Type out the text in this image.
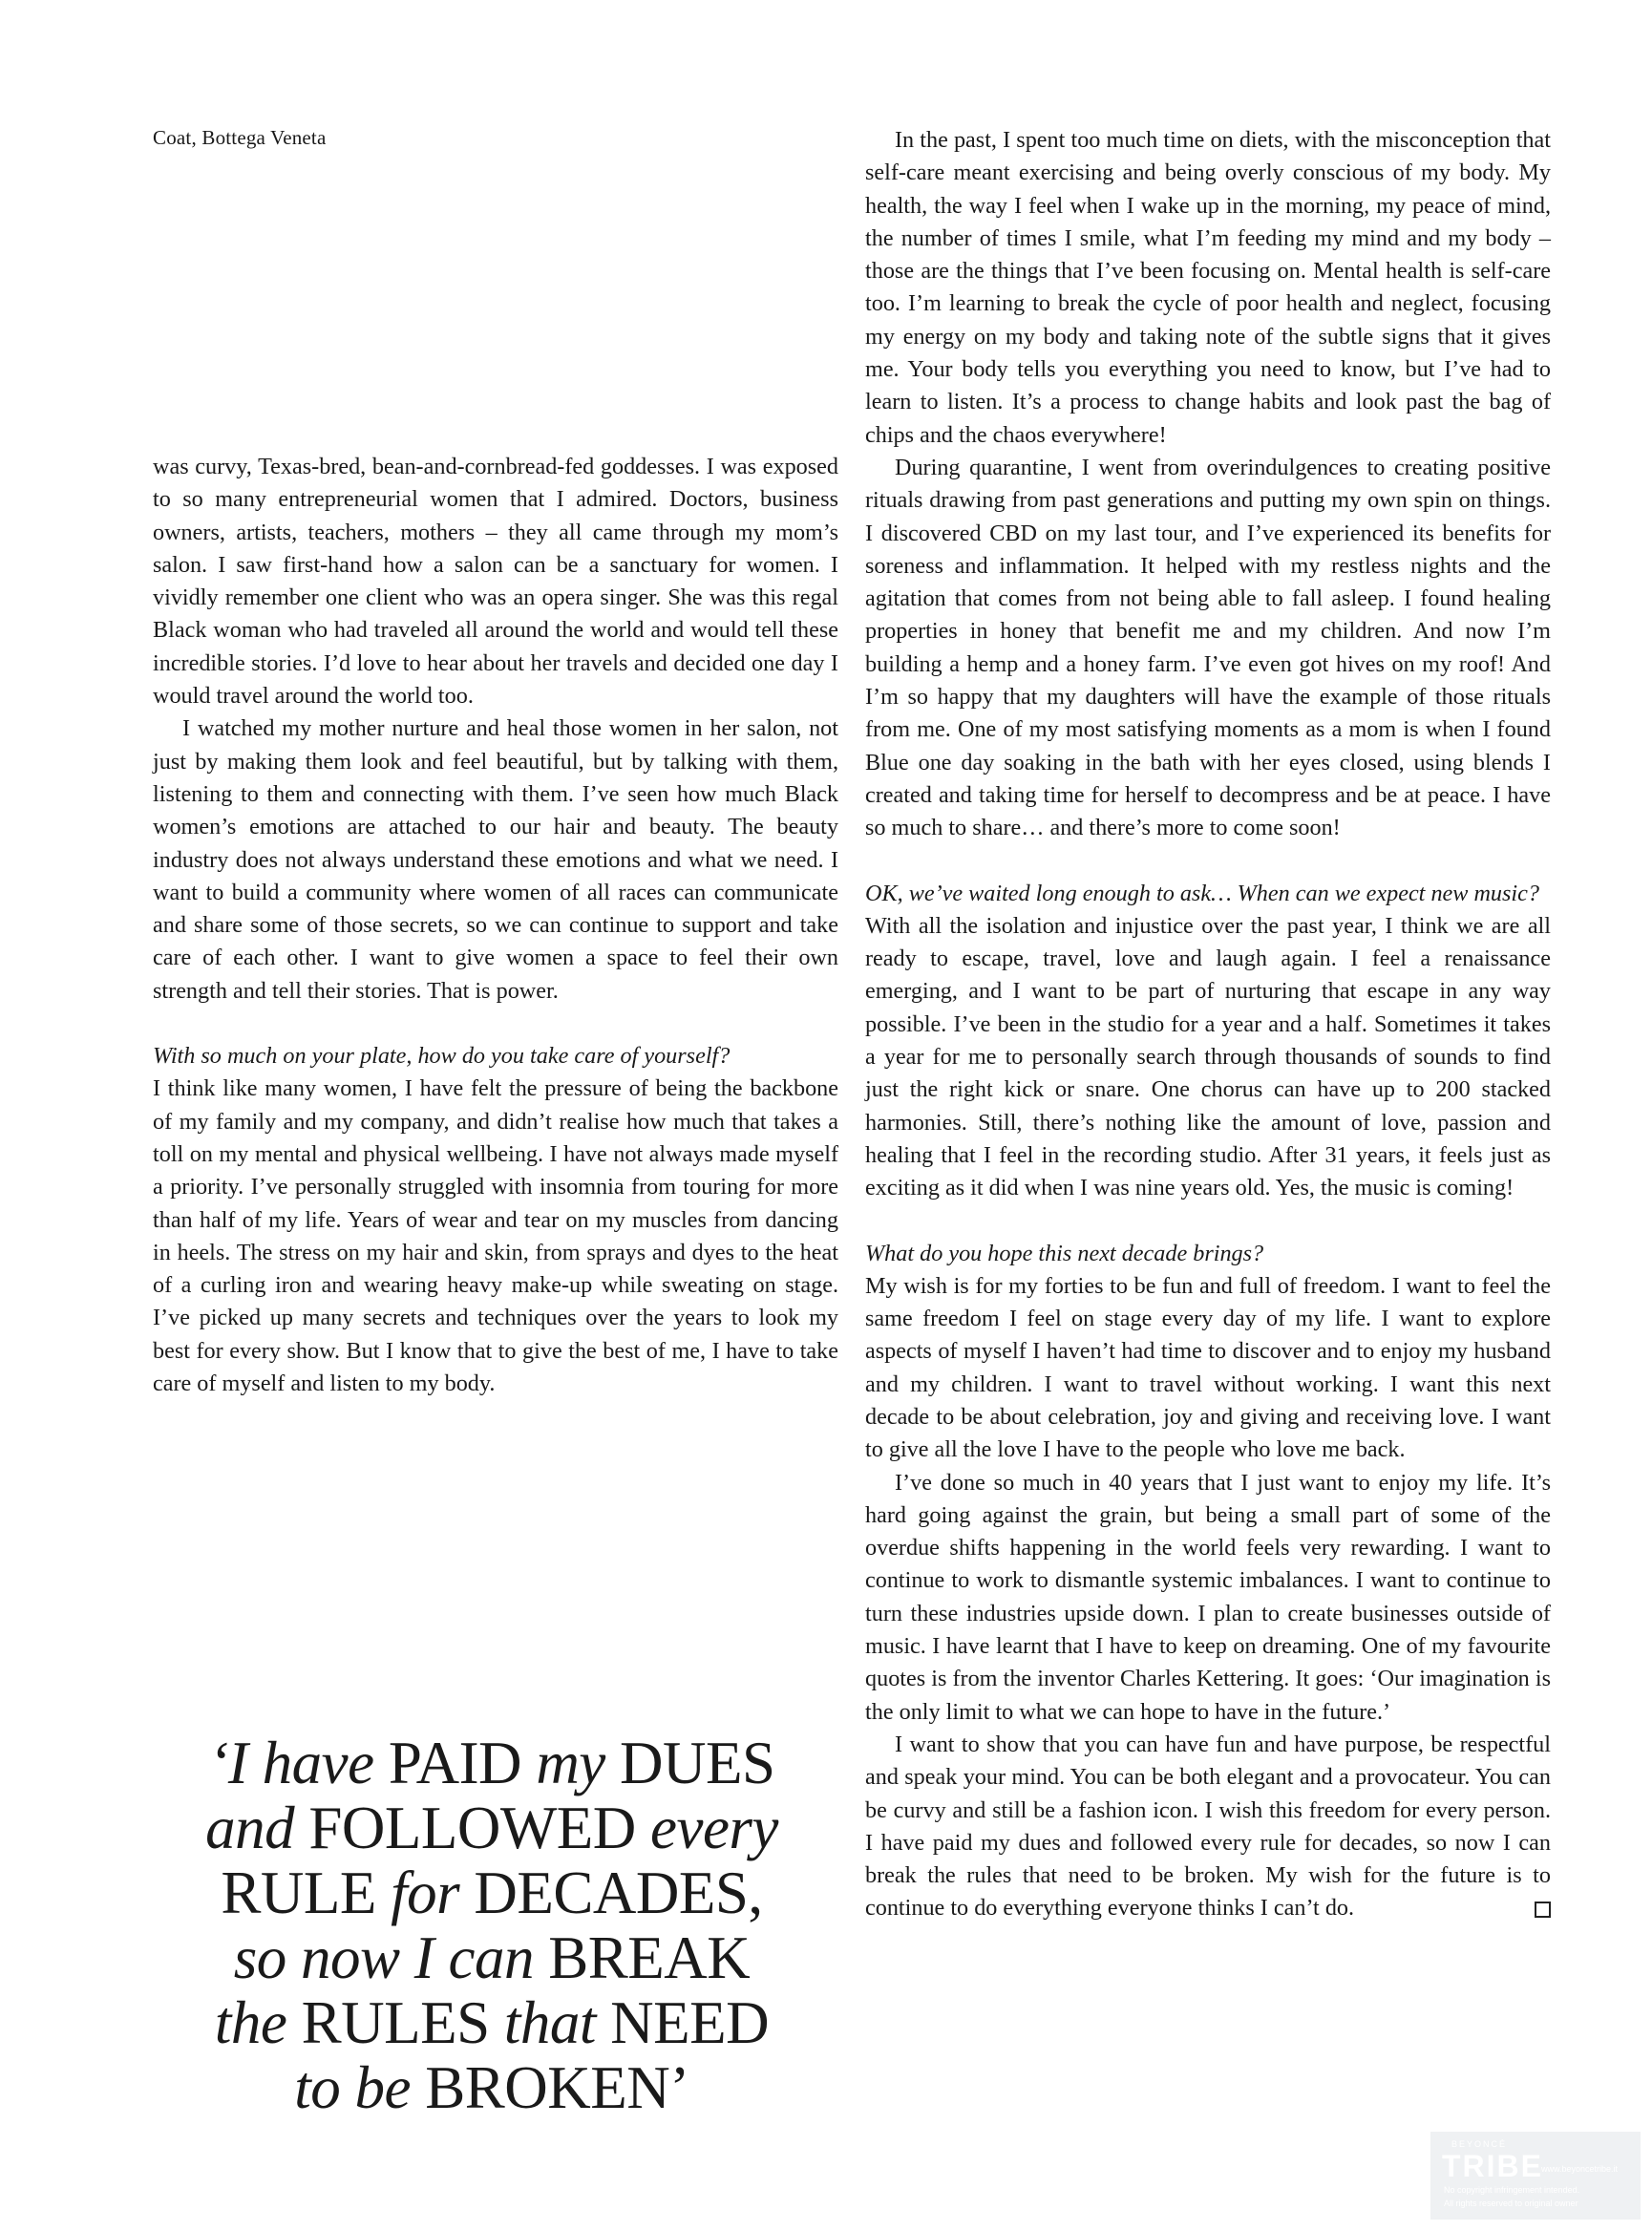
Coat, Bottega Veneta

was curvy, Texas-bred, bean-and-cornbread-fed goddesses. I was exposed to so many entrepreneurial women that I admired. Doctors, business owners, artists, teachers, mothers – they all came through my mom’s salon. I saw first-hand how a salon can be a sanctuary for women. I vividly remember one client who was an opera singer. She was this regal Black woman who had traveled all around the world and would tell these incredible stories. I’d love to hear about her travels and decided one day I would travel around the world too.

I watched my mother nurture and heal those women in her salon, not just by making them look and feel beautiful, but by talking with them, listening to them and connecting with them. I’ve seen how much Black women’s emotions are attached to our hair and beauty. The beauty industry does not always understand these emotions and what we need. I want to build a community where women of all races can communicate and share some of those secrets, so we can continue to support and take care of each other. I want to give women a space to feel their own strength and tell their stories. That is power.

With so much on your plate, how do you take care of yourself?

I think like many women, I have felt the pressure of being the backbone of my family and my company, and didn’t realise how much that takes a toll on my mental and physical wellbeing. I have not always made myself a priority. I’ve personally struggled with insomnia from touring for more than half of my life. Years of wear and tear on my muscles from dancing in heels. The stress on my hair and skin, from sprays and dyes to the heat of a curling iron and wearing heavy make-up while sweating on stage. I’ve picked up many secrets and techniques over the years to look my best for every show. But I know that to give the best of me, I have to take care of myself and listen to my body.

In the past, I spent too much time on diets, with the misconception that self-care meant exercising and being overly conscious of my body. My health, the way I feel when I wake up in the morning, my peace of mind, the number of times I smile, what I’m feeding my mind and my body – those are the things that I’ve been focusing on. Mental health is self-care too. I’m learning to break the cycle of poor health and neglect, focusing my energy on my body and taking note of the subtle signs that it gives me. Your body tells you everything you need to know, but I’ve had to learn to listen. It’s a process to change habits and look past the bag of chips and the chaos everywhere!

During quarantine, I went from overindulgences to creating positive rituals drawing from past generations and putting my own spin on things. I discovered CBD on my last tour, and I’ve experienced its benefits for soreness and inflammation. It helped with my restless nights and the agitation that comes from not being able to fall asleep. I found healing properties in honey that benefit me and my children. And now I’m building a hemp and a honey farm. I’ve even got hives on my roof! And I’m so happy that my daughters will have the example of those rituals from me. One of my most satisfying moments as a mom is when I found Blue one day soaking in the bath with her eyes closed, using blends I created and taking time for herself to decompress and be at peace. I have so much to share… and there’s more to come soon!

OK, we’ve waited long enough to ask… When can we expect new music?

With all the isolation and injustice over the past year, I think we are all ready to escape, travel, love and laugh again. I feel a renaissance emerging, and I want to be part of nurturing that escape in any way possible. I’ve been in the studio for a year and a half. Sometimes it takes a year for me to personally search through thousands of sounds to find just the right kick or snare. One chorus can have up to 200 stacked harmonies. Still, there’s nothing like the amount of love, passion and healing that I feel in the recording studio. After 31 years, it feels just as exciting as it did when I was nine years old. Yes, the music is coming!

What do you hope this next decade brings?

My wish is for my forties to be fun and full of freedom. I want to feel the same freedom I feel on stage every day of my life. I want to explore aspects of myself I haven’t had time to discover and to enjoy my husband and my children. I want to travel without working. I want this next decade to be about celebration, joy and giving and receiving love. I want to give all the love I have to the people who love me back.

I’ve done so much in 40 years that I just want to enjoy my life. It’s hard going against the grain, but being a small part of some of the overdue shifts happening in the world feels very rewarding. I want to continue to work to dismantle systemic imbalances. I want to continue to turn these industries upside down. I plan to create businesses outside of music. I have learnt that I have to keep on dreaming. One of my favourite quotes is from the inventor Charles Kettering. It goes: ‘Our imagination is the only limit to what we can hope to have in the future.’

I want to show that you can have fun and have purpose, be respectful and speak your mind. You can be both elegant and a provocateur. You can be curvy and still be a fashion icon. I wish this freedom for every person. I have paid my dues and followed every rule for decades, so now I can break the rules that need to be broken. My wish for the future is to continue to do everything everyone thinks I can’t do.

‘I have PAID my DUES
and FOLLOWED every
RULE for DECADES,
so now I can BREAK
the RULES that NEED
to be BROKEN’
BEYONCÉ
TRIBE
www.beyoncetribe.it
No copyright infringement intended.
All rights reserved to original owner
